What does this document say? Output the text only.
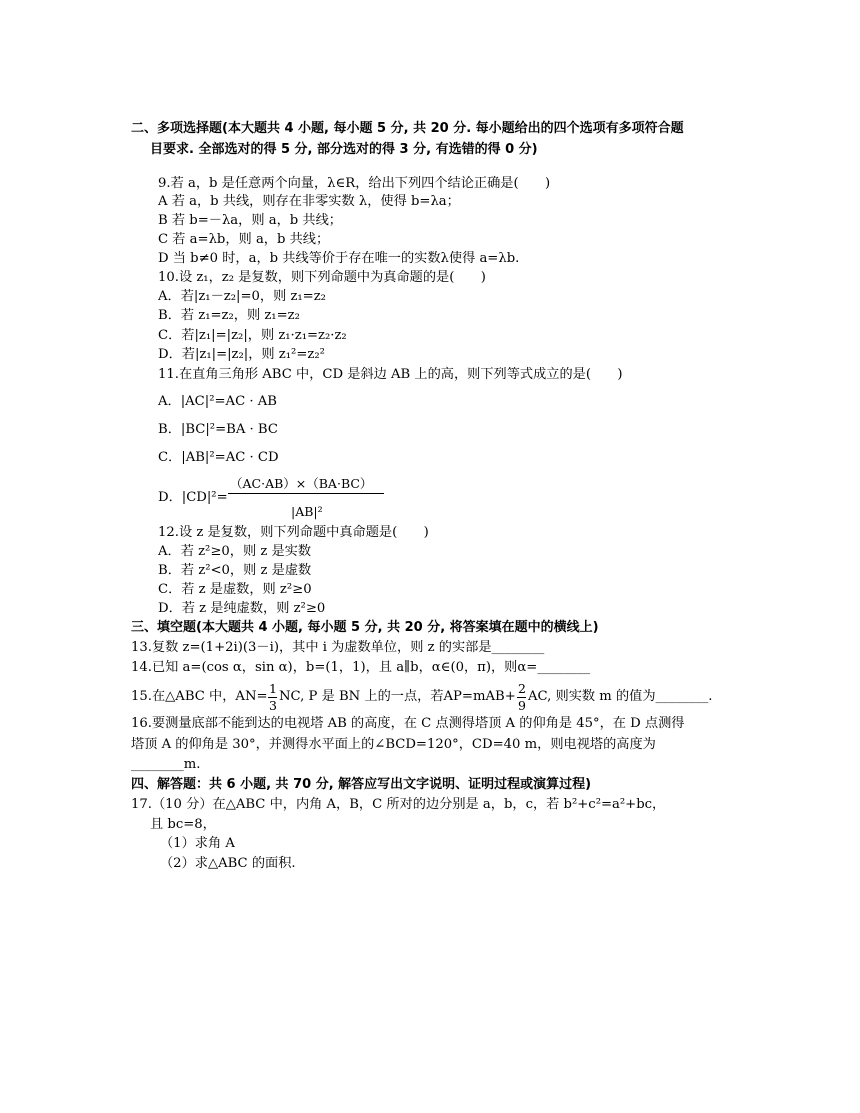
二、多项选择题(本大题共 4 小题, 每小题 5 分, 共 20 分. 每小题给出的四个选项有多项符合题
目要求. 全部选对的得 5 分, 部分选对的得 3 分, 有选错的得 0 分)
9.若 a，b 是任意两个向量，λ∈R，给出下列四个结论正确是(　　)
A 若 a，b 共线，则存在非零实数 λ，使得 b=λa；
B 若 b=－λa，则 a，b 共线；
C 若 a=λb，则 a，b 共线；
D 当 b≠0 时，a，b 共线等价于存在唯一的实数λ使得 a=λb.
10.设 z₁，z₂ 是复数，则下列命题中为真命题的是(　　)
A．若|z₁－z₂|=0，则 z₁=z₂
B．若 z₁=z₂，则 z₁=z₂
C．若|z₁|=|z₂|，则 z₁·z₁=z₂·z₂
D．若|z₁|=|z₂|，则 z₁²=z₂²
11.在直角三角形 ABC 中，CD 是斜边 AB 上的高，则下列等式成立的是(　　)
A．|AC|²=AC · AB
B．|BC|²=BA · BC
C．|AB|²=AC · CD
D．|CD|²=
（AC·AB）×（BA·BC）
|AB|²
12.设 z 是复数，则下列命题中真命题是(　　)
A．若 z²≥0，则 z 是实数
B．若 z²<0，则 z 是虚数
C．若 z 是虚数，则 z²≥0
D．若 z 是纯虚数，则 z²≥0
三、填空题(本大题共 4 小题, 每小题 5 分, 共 20 分, 将答案填在题中的横线上)
13.复数 z=(1+2i)(3－i)，其中 i 为虚数单位，则 z 的实部是________
14.已知 a=(cos α，sin α)，b=(1，1)，且 a∥b，α∈(0，π)，则α=________
15.在△ABC 中，AN=
1
3
NC, P 是 BN 上的一点，若AP=mAB+
2
9
AC, 则实数 m 的值为________.
16.要测量底部不能到达的电视塔 AB 的高度，在 C 点测得塔顶 A 的仰角是 45°，在 D 点测得
塔顶 A 的仰角是 30°，并测得水平面上的∠BCD=120°，CD=40 m，则电视塔的高度为
________m.
四、解答题：共 6 小题, 共 70 分, 解答应写出文字说明、证明过程或演算过程)
17.（10 分）在△ABC 中，内角 A，B，C 所对的边分别是 a，b，c，若 b²+c²=a²+bc，
且 bc=8，
（1）求角 A
（2）求△ABC 的面积.
